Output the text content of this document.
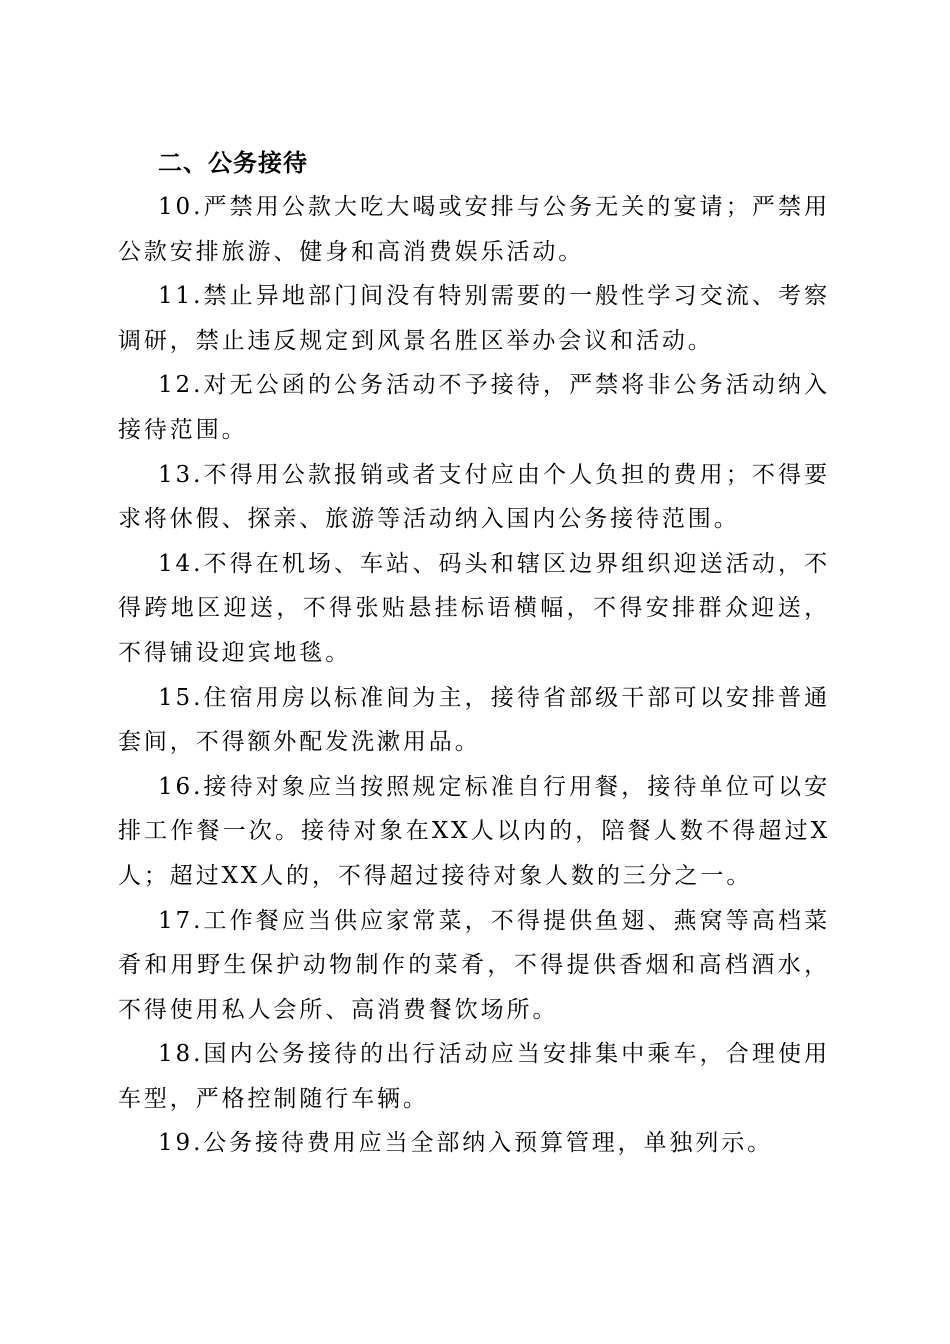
二、公务接待

10.严禁用公款大吃大喝或安排与公务无关的宴请；严禁用公款安排旅游、健身和高消费娱乐活动。

11.禁止异地部门间没有特别需要的一般性学习交流、考察调研，禁止违反规定到风景名胜区举办会议和活动。

12.对无公函的公务活动不予接待，严禁将非公务活动纳入接待范围。

13.不得用公款报销或者支付应由个人负担的费用；不得要求将休假、探亲、旅游等活动纳入国内公务接待范围。

14.不得在机场、车站、码头和辖区边界组织迎送活动，不得跨地区迎送，不得张贴悬挂标语横幅，不得安排群众迎送，不得铺设迎宾地毯。

15.住宿用房以标准间为主，接待省部级干部可以安排普通套间，不得额外配发洗漱用品。

16.接待对象应当按照规定标准自行用餐，接待单位可以安排工作餐一次。接待对象在XX人以内的，陪餐人数不得超过X人；超过XX人的，不得超过接待对象人数的三分之一。

17.工作餐应当供应家常菜，不得提供鱼翅、燕窝等高档菜肴和用野生保护动物制作的菜肴，不得提供香烟和高档酒水，不得使用私人会所、高消费餐饮场所。

18.国内公务接待的出行活动应当安排集中乘车，合理使用车型，严格控制随行车辆。

19.公务接待费用应当全部纳入预算管理，单独列示。
